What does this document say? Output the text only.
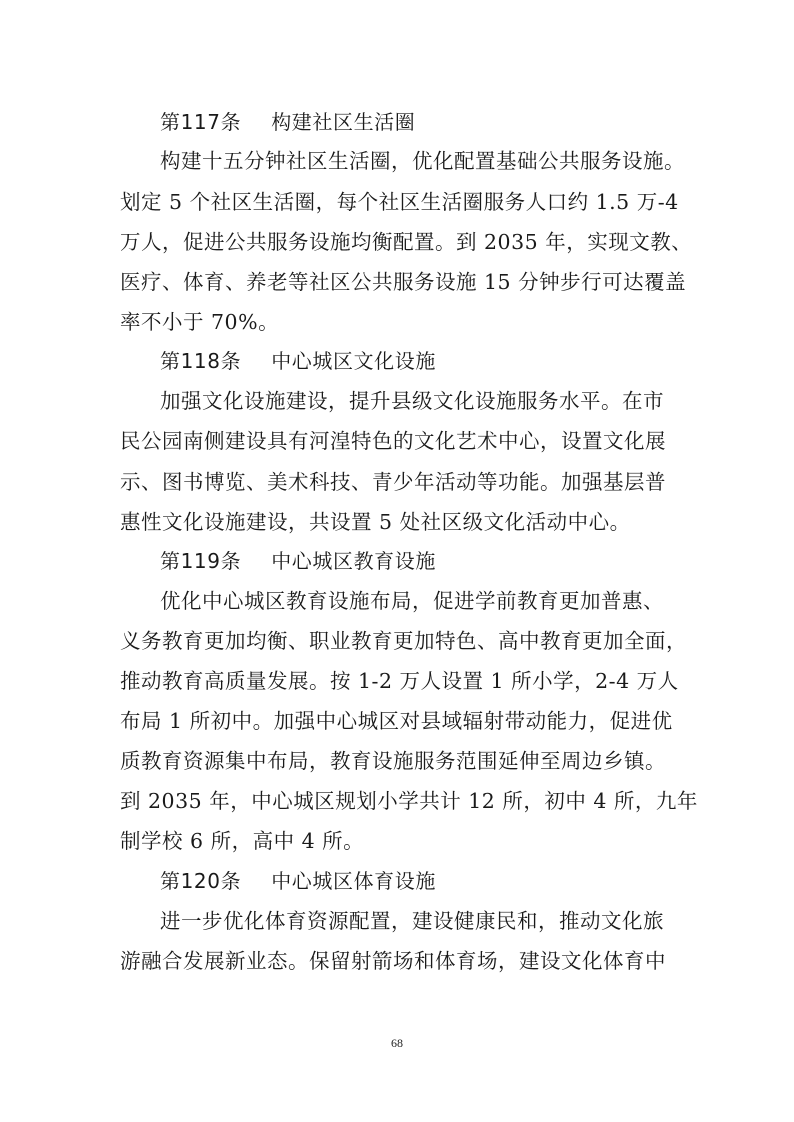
第117条 构建社区生活圈
构建十五分钟社区生活圈，优化配置基础公共服务设施。
划定 5 个社区生活圈，每个社区生活圈服务人口约 1.5 万-4
万人，促进公共服务设施均衡配置。到 2035 年，实现文教、
医疗、体育、养老等社区公共服务设施 15 分钟步行可达覆盖
率不小于 70%。
第118条 中心城区文化设施
加强文化设施建设，提升县级文化设施服务水平。在市
民公园南侧建设具有河湟特色的文化艺术中心，设置文化展
示、图书博览、美术科技、青少年活动等功能。加强基层普
惠性文化设施建设，共设置 5 处社区级文化活动中心。
第119条 中心城区教育设施
优化中心城区教育设施布局，促进学前教育更加普惠、
义务教育更加均衡、职业教育更加特色、高中教育更加全面，
推动教育高质量发展。按 1-2 万人设置 1 所小学，2-4 万人
布局 1 所初中。加强中心城区对县域辐射带动能力，促进优
质教育资源集中布局，教育设施服务范围延伸至周边乡镇。
到 2035 年，中心城区规划小学共计 12 所，初中 4 所，九年
制学校 6 所，高中 4 所。
第120条 中心城区体育设施
进一步优化体育资源配置，建设健康民和，推动文化旅
游融合发展新业态。保留射箭场和体育场，建设文化体育中
68
